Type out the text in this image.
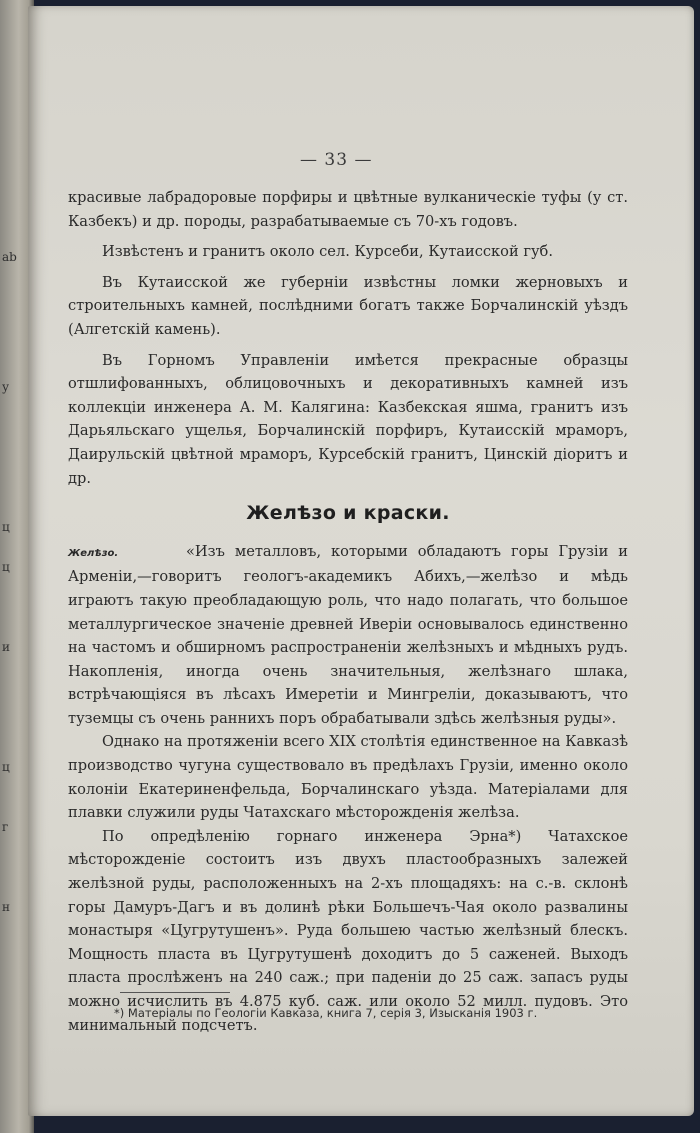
ab
у
ц
ц
и
ц
г
н
— 33 —

красивые лабрадоровые порфиры и цвѣтные вулканическіе туфы (у ст. Казбекъ) и др. породы, разрабатываемые съ 70-хъ годовъ.

Извѣстенъ и гранитъ около сел. Курсеби, Кутаисской губ.

Въ Кутаисской же губерніи извѣстны ломки жерновыхъ и строительныхъ камней, послѣдними богатъ также Борчалинскій уѣздъ (Алгетскій камень).

Въ Горномъ Управленіи имѣется прекрасные образцы отшлифованныхъ, облицовочныхъ и декоративныхъ камней изъ коллекціи инженера А. М. Калягина: Казбекская яшма, гранитъ изъ Дарьяльскаго ущелья, Борчалинскій порфиръ, Кутаисскій мраморъ, Даирульскій цвѣтной мраморъ, Курсебскій гранитъ, Цинскій діоритъ и др.

Желѣзо и краски.

Желѣзо.	«Изъ металловъ, которыми обладаютъ горы Грузіи и Арменіи,—говоритъ геологъ-академикъ Абихъ,—желѣзо и мѣдь играютъ такую преобладающую роль, что надо полагать, что большое металлургическое значеніе древней Иверіи основывалось единственно на частомъ и обширномъ распространеніи желѣзныхъ и мѣдныхъ рудъ. Накопленія, иногда очень значительныя, желѣзнаго шлака, встрѣчающіяся въ лѣсахъ Имеретіи и Мингреліи, доказываютъ, что туземцы съ очень раннихъ поръ обрабатывали здѣсь желѣзныя руды».

Однако на протяженіи всего XIX столѣтія единственное на Кавказѣ производство чугуна существовало въ предѣлахъ Грузіи, именно около колоніи Екатериненфельда, Борчалинскаго уѣзда. Матеріалами для плавки служили руды Чатахскаго мѣсторожденія желѣза.

По опредѣленію горнаго инженера Эрна*) Чатахское мѣсторожденіе состоитъ изъ двухъ пластообразныхъ залежей желѣзной руды, расположенныхъ на 2-хъ площадяхъ: на с.-в. склонѣ горы Дамуръ-Дагъ и въ долинѣ рѣки Большечъ-Чая около развалины монастыря «Цугрутушенъ». Руда большею частью желѣзный блескъ. Мощность пласта въ Цугрутушенѣ доходитъ до 5 саженей. Выходъ пласта прослѣженъ на 240 саж.; при паденіи до 25 саж. запасъ руды можно исчислить въ 4.875 куб. саж. или около 52 милл. пудовъ. Это минимальный подсчетъ.

*) Матеріалы по Геологіи Кавказа, книга 7, серія 3, Изысканія 1903 г.
